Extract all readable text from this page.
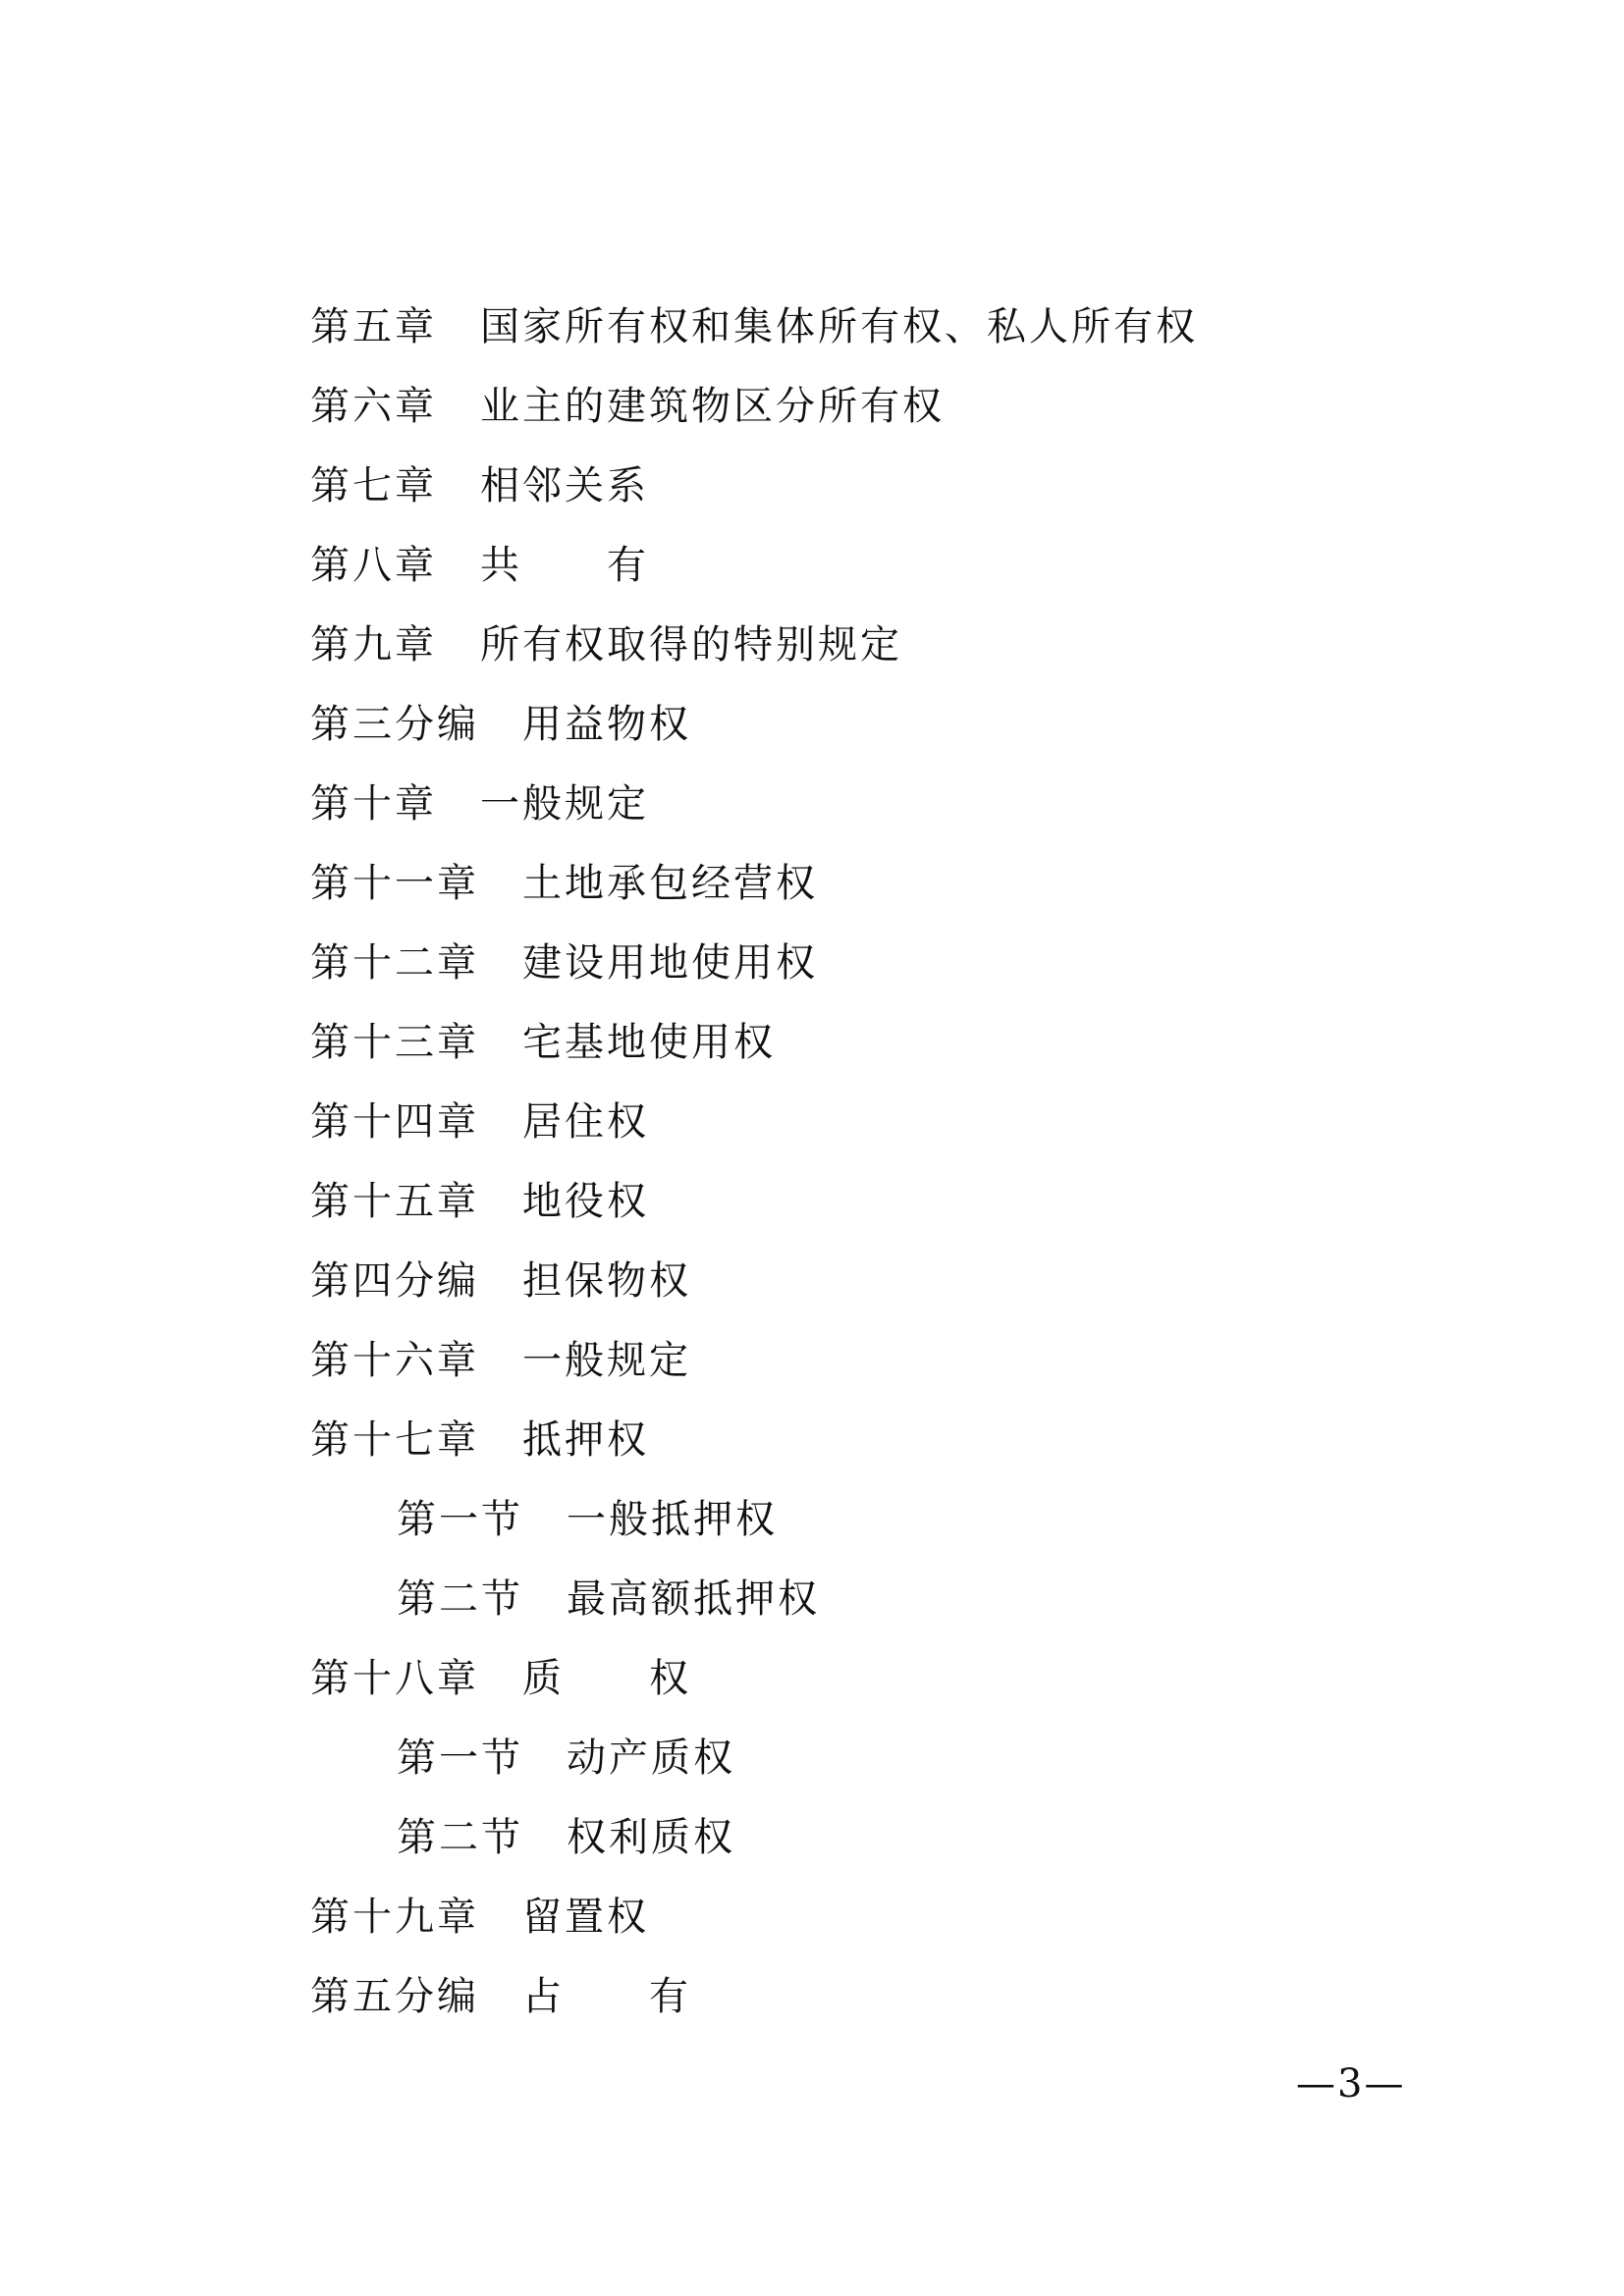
第五章 国家所有权和集体所有权、私人所有权
第六章 业主的建筑物区分所有权
第七章 相邻关系
第八章 共　　有
第九章 所有权取得的特别规定
第三分编 用益物权
第十章 一般规定
第十一章 土地承包经营权
第十二章 建设用地使用权
第十三章 宅基地使用权
第十四章 居住权
第十五章 地役权
第四分编 担保物权
第十六章 一般规定
第十七章 抵押权
第一节 一般抵押权
第二节 最高额抵押权
第十八章 质　　权
第一节 动产质权
第二节 权利质权
第十九章 留置权
第五分编 占　　有
—3—
